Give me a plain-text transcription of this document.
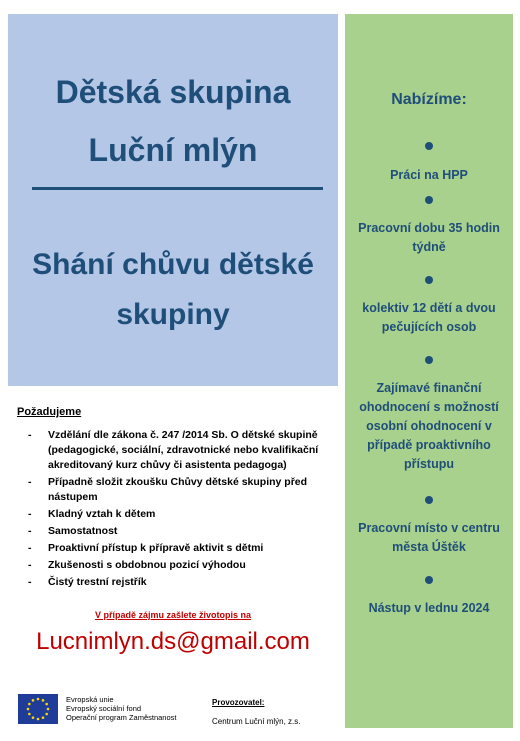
Dětská skupina
Luční mlýn
Shání chůvu dětské
skupiny
Nabízíme:
Práci na HPP
Pracovní dobu 35 hodin
týdně
kolektiv 12 dětí a dvou
pečujících osob
Zajímavé finanční
ohodnocení s možností
osobní ohodnocení v
případě proaktivního
přístupu
Pracovní místo v centru
města Úštěk
Nástup v lednu 2024
Požadujeme
- Vzdělání dle zákona č. 247 /2014 Sb. O dětské skupině (pedagogické, sociální, zdravotnické nebo kvalifikační akreditovaný kurz chůvy či asistenta pedagoga)
- Případně složit zkoušku Chůvy dětské skupiny před nástupem
- Kladný vztah k dětem
- Samostatnost
- Proaktivní přístup k přípravě aktivit s dětmi
- Zkušenosti s obdobnou pozicí výhodou
- Čistý trestní rejstřík
V případě zájmu zašlete životopis na
Lucnimlyn.ds@gmail.com
Evropská unie
Evropský sociální fond
Operační program Zaměstnanost
Provozovatel:
Centrum Luční mlýn, z.s.
